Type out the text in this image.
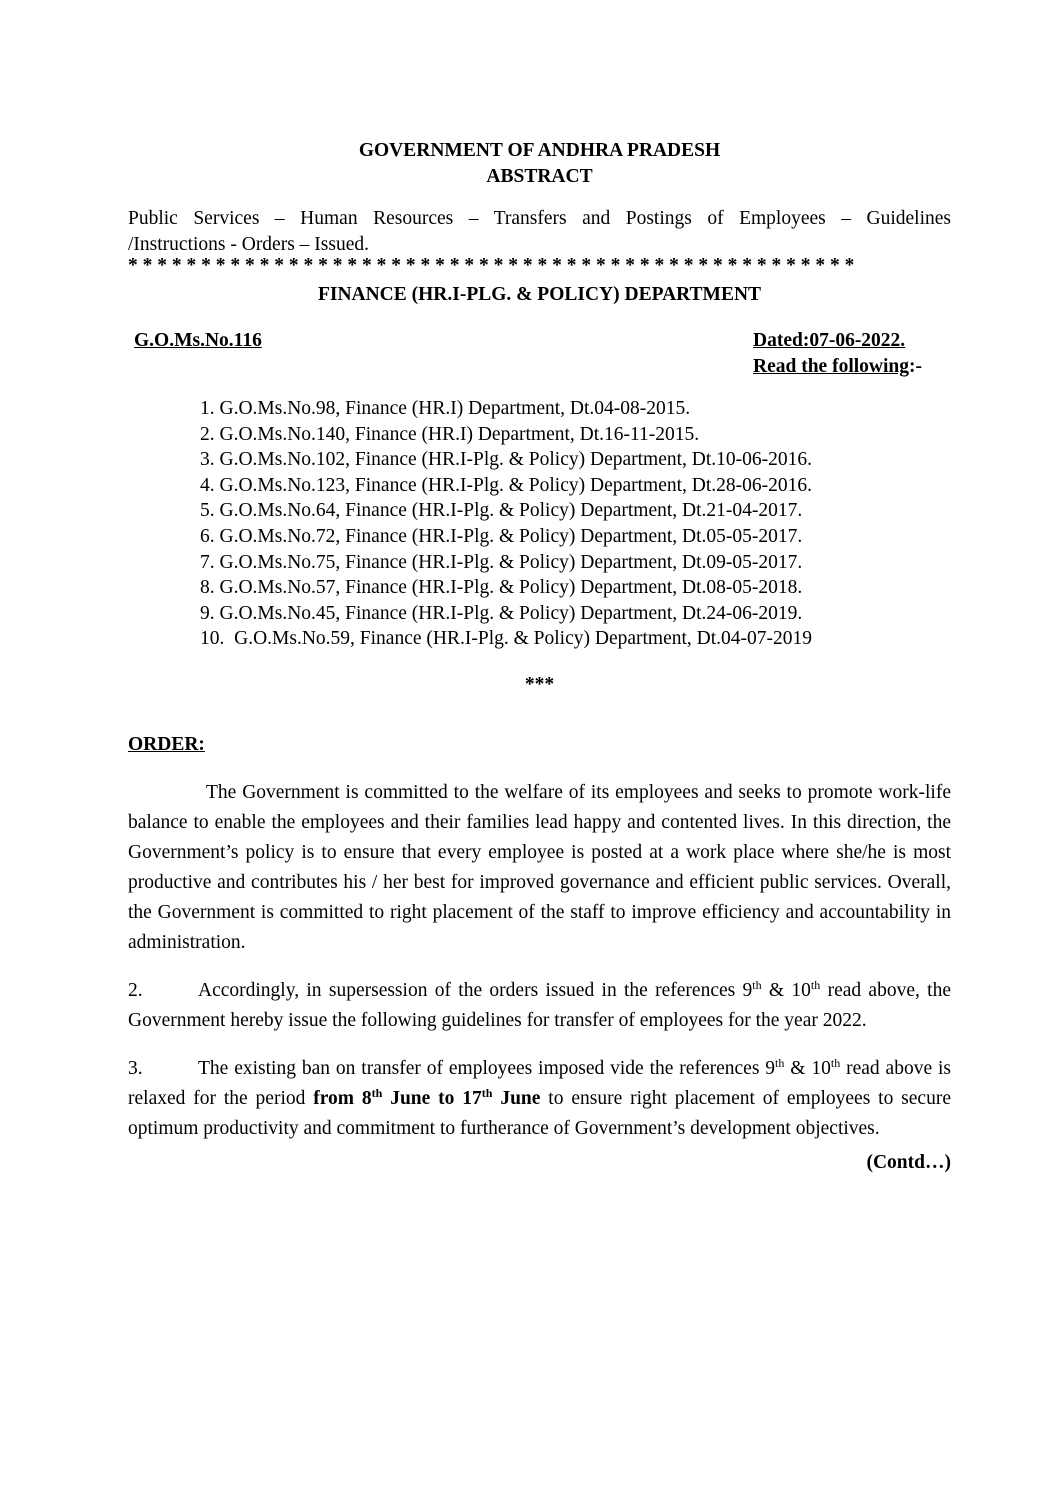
GOVERNMENT OF ANDHRA PRADESH
ABSTRACT
Public Services – Human Resources – Transfers and Postings of Employees – Guidelines
/Instructions - Orders – Issued.
* * * * * * * * * * * * * * * * * * * * * * * * * * * * * * * * * * * * * * * * * * * * * * * * * *
FINANCE (HR.I-PLG. & POLICY) DEPARTMENT
G.O.Ms.No.116	Dated:07-06-2022.
Read the following:-
1. G.O.Ms.No.98, Finance (HR.I) Department, Dt.04-08-2015.
2. G.O.Ms.No.140, Finance (HR.I) Department, Dt.16-11-2015.
3. G.O.Ms.No.102, Finance (HR.I-Plg. & Policy) Department, Dt.10-06-2016.
4. G.O.Ms.No.123, Finance (HR.I-Plg. & Policy) Department, Dt.28-06-2016.
5. G.O.Ms.No.64, Finance (HR.I-Plg. & Policy) Department, Dt.21-04-2017.
6. G.O.Ms.No.72, Finance (HR.I-Plg. & Policy) Department, Dt.05-05-2017.
7. G.O.Ms.No.75, Finance (HR.I-Plg. & Policy) Department, Dt.09-05-2017.
8. G.O.Ms.No.57, Finance (HR.I-Plg. & Policy) Department, Dt.08-05-2018.
9. G.O.Ms.No.45, Finance (HR.I-Plg. & Policy) Department, Dt.24-06-2019.
10. G.O.Ms.No.59, Finance (HR.I-Plg. & Policy) Department, Dt.04-07-2019
***
ORDER:
The Government is committed to the welfare of its employees and seeks to promote work-life balance to enable the employees and their families lead happy and contented lives. In this direction, the Government’s policy is to ensure that every employee is posted at a work place where she/he is most productive and contributes his / her best for improved governance and efficient public services. Overall, the Government is committed to right placement of the staff to improve efficiency and accountability in administration.
2.	Accordingly, in supersession of the orders issued in the references 9th & 10th read above, the Government hereby issue the following guidelines for transfer of employees for the year 2022.
3.	The existing ban on transfer of employees imposed vide the references 9th & 10th read above is relaxed for the period from 8th June to 17th June to ensure right placement of employees to secure optimum productivity and commitment to furtherance of Government’s development objectives.
(Contd…)
